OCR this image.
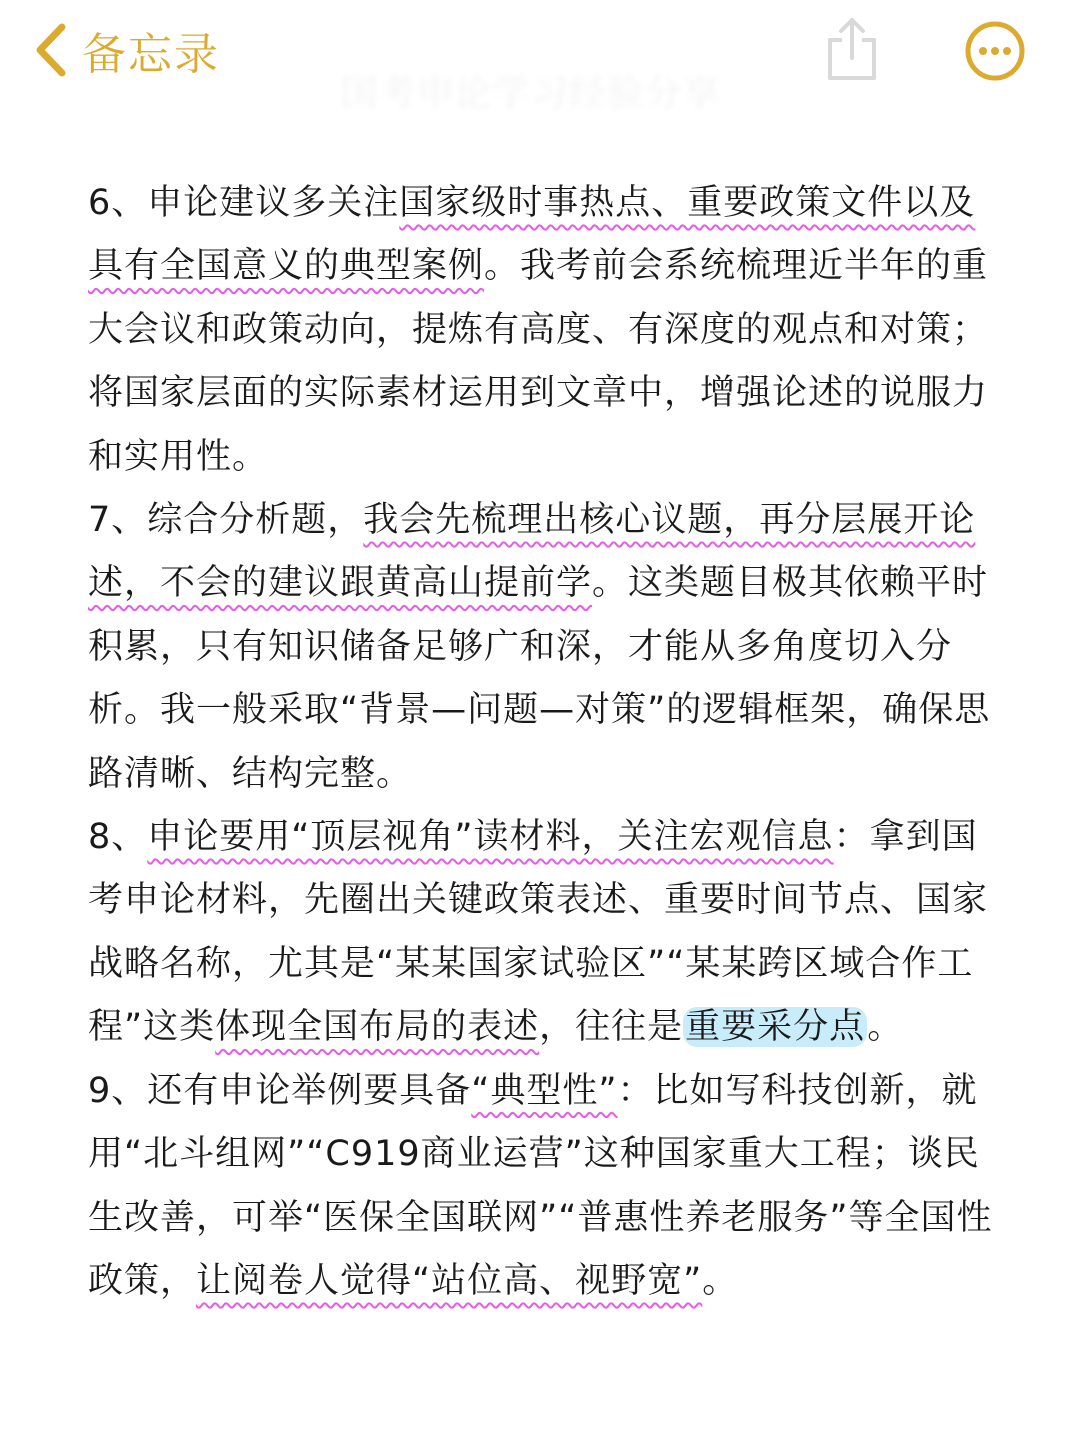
备忘录
国考申论学习经验分享

6、申论建议多关注国家级时事热点、重要政策文件以及具有全国意义的典型案例。我考前会系统梳理近半年的重大会议和政策动向，提炼有高度、有深度的观点和对策；将国家层面的实际素材运用到文章中，增强论述的说服力和实用性。

7、综合分析题，我会先梳理出核心议题，再分层展开论述，不会的建议跟黄高山提前学。这类题目极其依赖平时积累，只有知识储备足够广和深，才能从多角度切入分析。我一般采取“背景—问题—对策”的逻辑框架，确保思路清晰、结构完整。

8、申论要用“顶层视角”读材料，关注宏观信息：拿到国考申论材料，先圈出关键政策表述、重要时间节点、国家战略名称，尤其是“某某国家试验区”“某某跨区域合作工程”这类体现全国布局的表述，往往是重要采分点。

9、还有申论举例要具备“典型性”：比如写科技创新，就用“北斗组网”“C919商业运营”这种国家重大工程；谈民生改善，可举“医保全国联网”“普惠性养老服务”等全国性政策，让阅卷人觉得“站位高、视野宽”。
